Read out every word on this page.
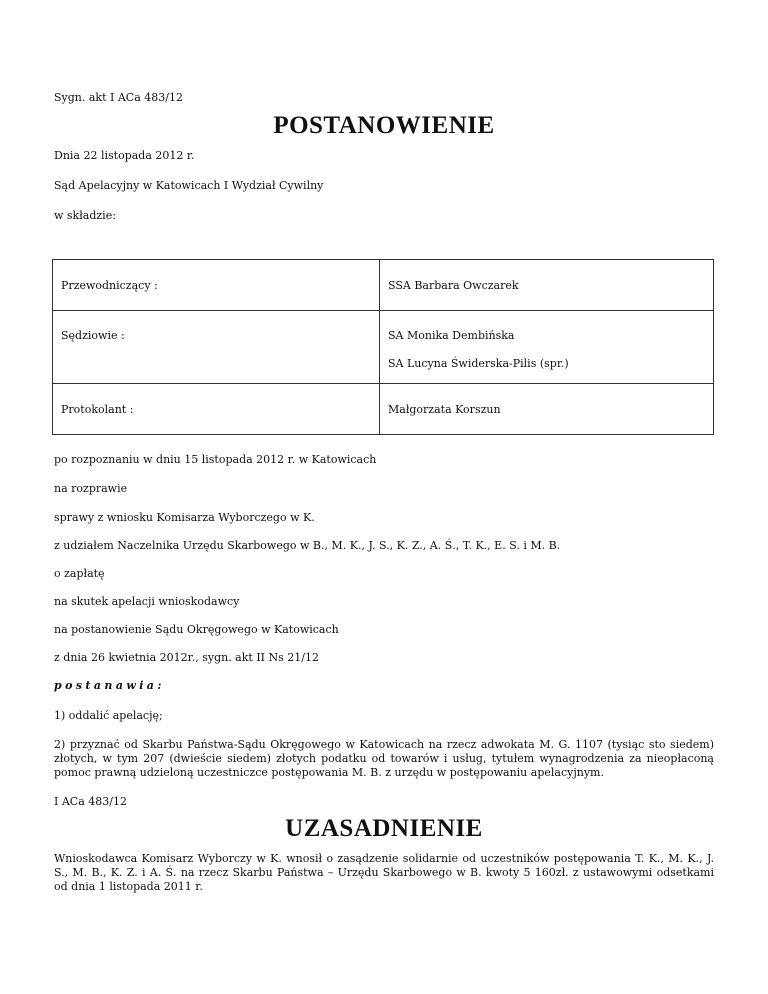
Sygn. akt I ACa 483/12

POSTANOWIENIE

Dnia 22 listopada 2012 r.

Sąd Apelacyjny w Katowicach I Wydział Cywilny

w składzie:

Przewodniczący :	SSA Barbara Owczarek

Sędziowie :	SA Monika Dembińska
SA Lucyna Świderska-Pilis (spr.)

Protokolant :	Małgorzata Korszun

po rozpoznaniu w dniu 15 listopada 2012 r. w Katowicach

na rozprawie

sprawy z wniosku Komisarza Wyborczego w K.

z udziałem Naczelnika Urzędu Skarbowego w B., M. K., J. S., K. Z., A. Ś., T. K., E. S. i M. B.

o zapłatę

na skutek apelacji wnioskodawcy

na postanowienie Sądu Okręgowego w Katowicach

z dnia 26 kwietnia 2012r., sygn. akt II Ns 21/12

postanawia:

1) oddalić apelację;

2) przyznać od Skarbu Państwa-Sądu Okręgowego w Katowicach na rzecz adwokata M. G. 1107 (tysiąc sto siedem) złotych, w tym 207 (dwieście siedem) złotych podatku od towarów i usług, tytułem wynagrodzenia za nieopłaconą pomoc prawną udzieloną uczestniczce postępowania M. B. z urzędu w postępowaniu apelacyjnym.

I ACa 483/12

UZASADNIENIE

Wnioskodawca Komisarz Wyborczy w K. wnosił o zasądzenie solidarnie od uczestników postępowania T. K., M. K., J. S., M. B., K. Z. i A. Ś. na rzecz Skarbu Państwa – Urzędu Skarbowego w B. kwoty 5 160zł. z ustawowymi odsetkami od dnia 1 listopada 2011 r.
